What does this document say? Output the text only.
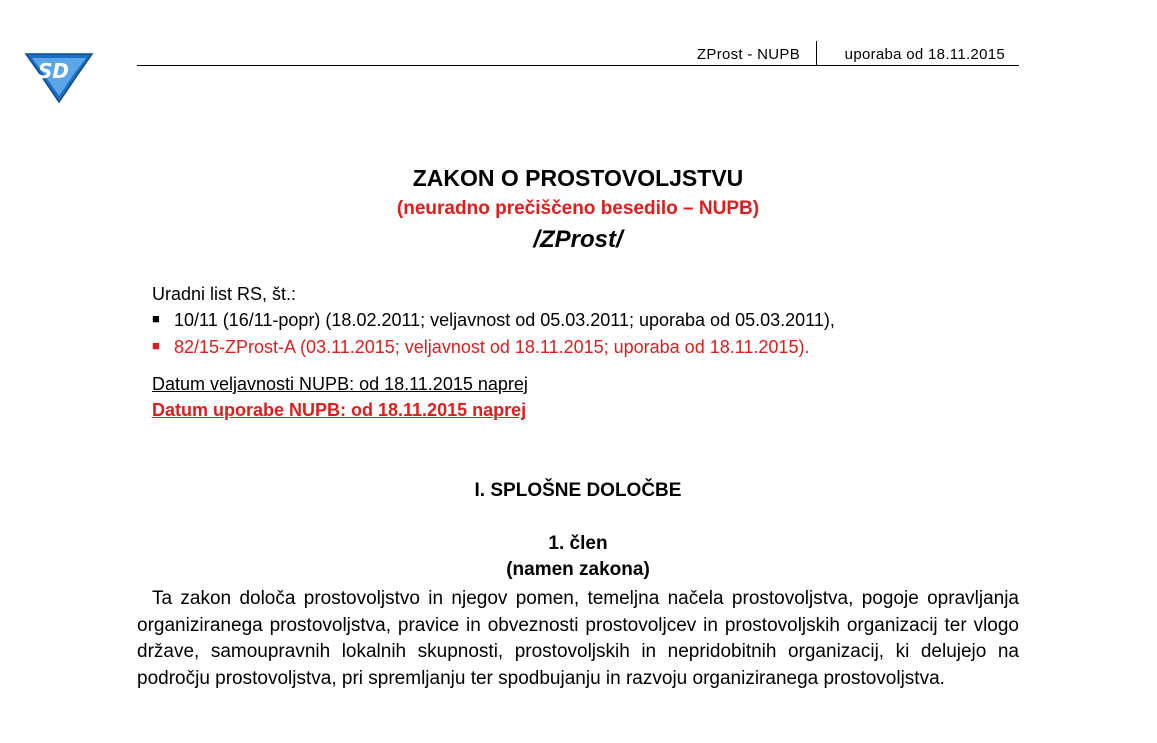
SD
ZProst - NUPB	uporaba od 18.11.2015
ZAKON O PROSTOVOLJSTVU
(neuradno prečiščeno besedilo – NUPB)
/ZProst/
Uradni list RS, št.:
■ 10/11 (16/11-popr) (18.02.2011; veljavnost od 05.03.2011; uporaba od 05.03.2011),
■ 82/15-ZProst-A (03.11.2015; veljavnost od 18.11.2015; uporaba od 18.11.2015).
Datum veljavnosti NUPB: od 18.11.2015 naprej
Datum uporabe NUPB: od 18.11.2015 naprej
I. SPLOŠNE DOLOČBE
1. člen
(namen zakona)
Ta zakon določa prostovoljstvo in njegov pomen, temeljna načela prostovoljstva, pogoje opravljanja organiziranega prostovoljstva, pravice in obveznosti prostovoljcev in prostovoljskih organizacij ter vlogo države, samoupravnih lokalnih skupnosti, prostovoljskih in nepridobitnih organizacij, ki delujejo na področju prostovoljstva, pri spremljanju ter spodbujanju in razvoju organiziranega prostovoljstva.
